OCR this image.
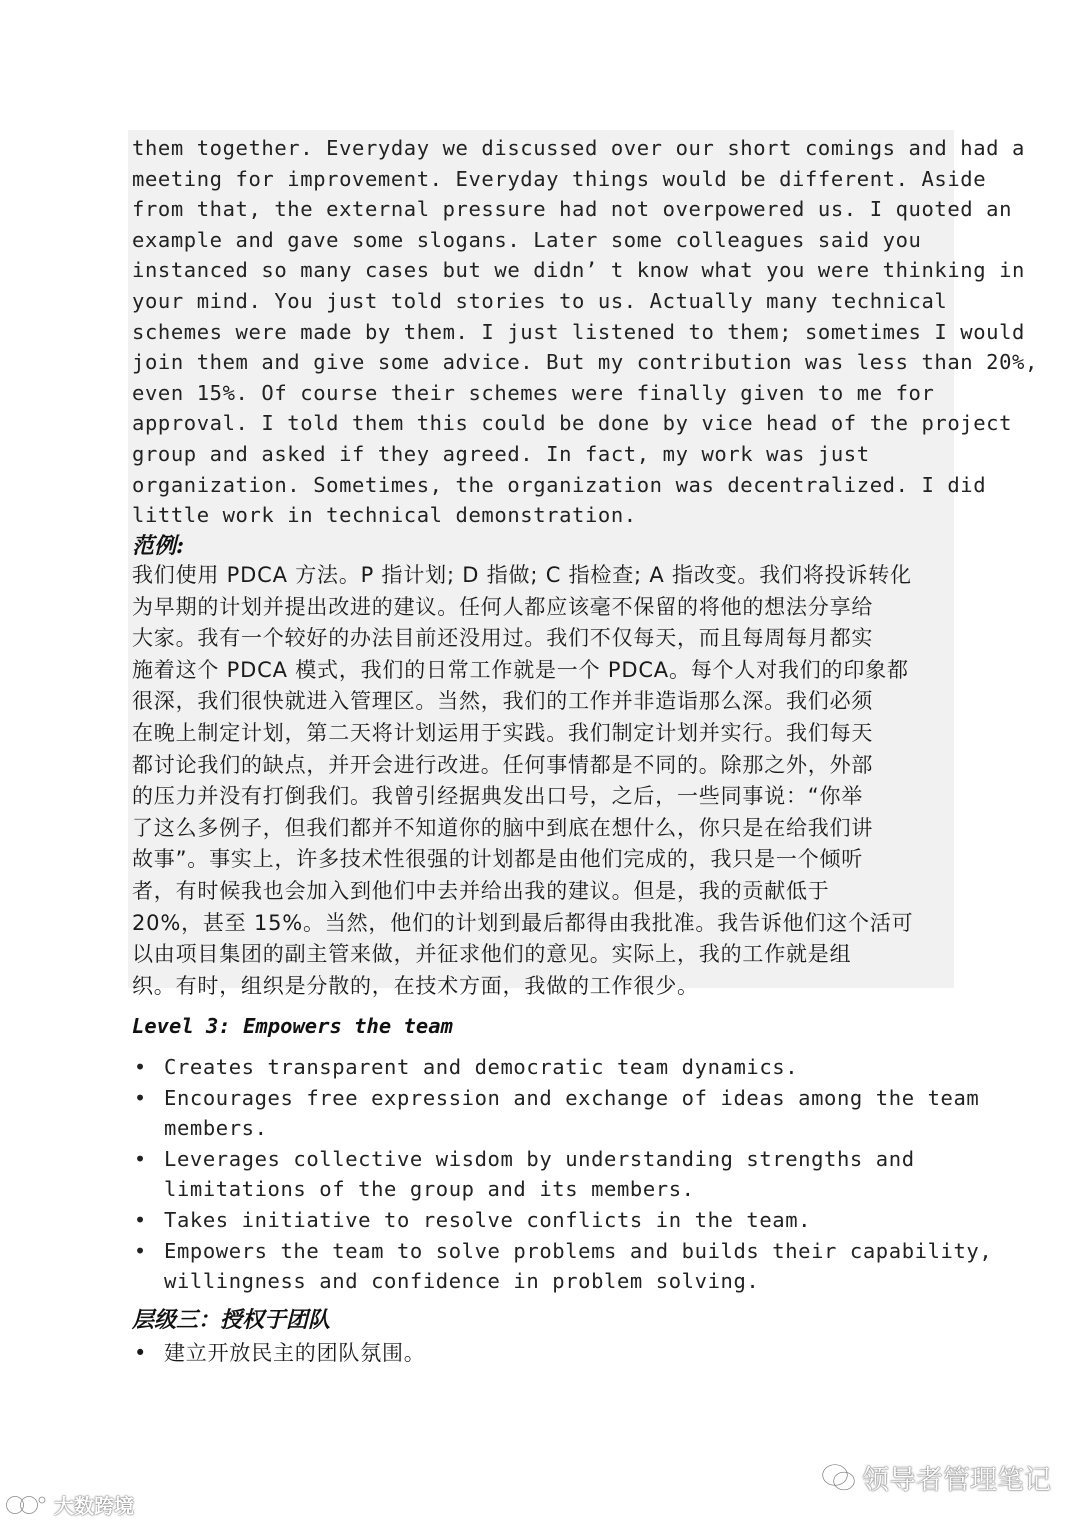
them together. Everyday we discussed over our short comings and had a
meeting for improvement. Everyday things would be different. Aside
from that, the external pressure had not overpowered us. I quoted an
example and gave some slogans. Later some colleagues said you
instanced so many cases but we didn’ t know what you were thinking in
your mind. You just told stories to us. Actually many technical
schemes were made by them. I just listened to them; sometimes I would
join them and give some advice. But my contribution was less than 20%,
even 15%. Of course their schemes were finally given to me for
approval. I told them this could be done by vice head of the project
group and asked if they agreed. In fact, my work was just
organization. Sometimes, the organization was decentralized. I did
little work in technical demonstration.
范例:
我们使用 PDCA 方法。P 指计划; D 指做; C 指检查; A 指改变。我们将投诉转化
为早期的计划并提出改进的建议。任何人都应该毫不保留的将他的想法分享给
大家。我有一个较好的办法目前还没用过。我们不仅每天，而且每周每月都实
施着这个 PDCA 模式，我们的日常工作就是一个 PDCA。每个人对我们的印象都
很深，我们很快就进入管理区。当然，我们的工作并非造诣那么深。我们必须
在晚上制定计划，第二天将计划运用于实践。我们制定计划并实行。我们每天
都讨论我们的缺点，并开会进行改进。任何事情都是不同的。除那之外，外部
的压力并没有打倒我们。我曾引经据典发出口号，之后，一些同事说：“你举
了这么多例子，但我们都并不知道你的脑中到底在想什么，你只是在给我们讲
故事”。事实上，许多技术性很强的计划都是由他们完成的，我只是一个倾听
者，有时候我也会加入到他们中去并给出我的建议。但是，我的贡献低于
20%，甚至 15%。当然，他们的计划到最后都得由我批准。我告诉他们这个活可
以由项目集团的副主管来做，并征求他们的意见。实际上，我的工作就是组
织。有时，组织是分散的，在技术方面，我做的工作很少。
Level 3: Empowers the team
• Creates transparent and democratic team dynamics.
• Encourages free expression and exchange of ideas among the team
members.
• Leverages collective wisdom by understanding strengths and
limitations of the group and its members.
• Takes initiative to resolve conflicts in the team.
• Empowers the team to solve problems and builds their capability,
willingness and confidence in problem solving.
层级三：授权于团队
• 建立开放民主的团队氛围。
大数跨境
领导者管理笔记
